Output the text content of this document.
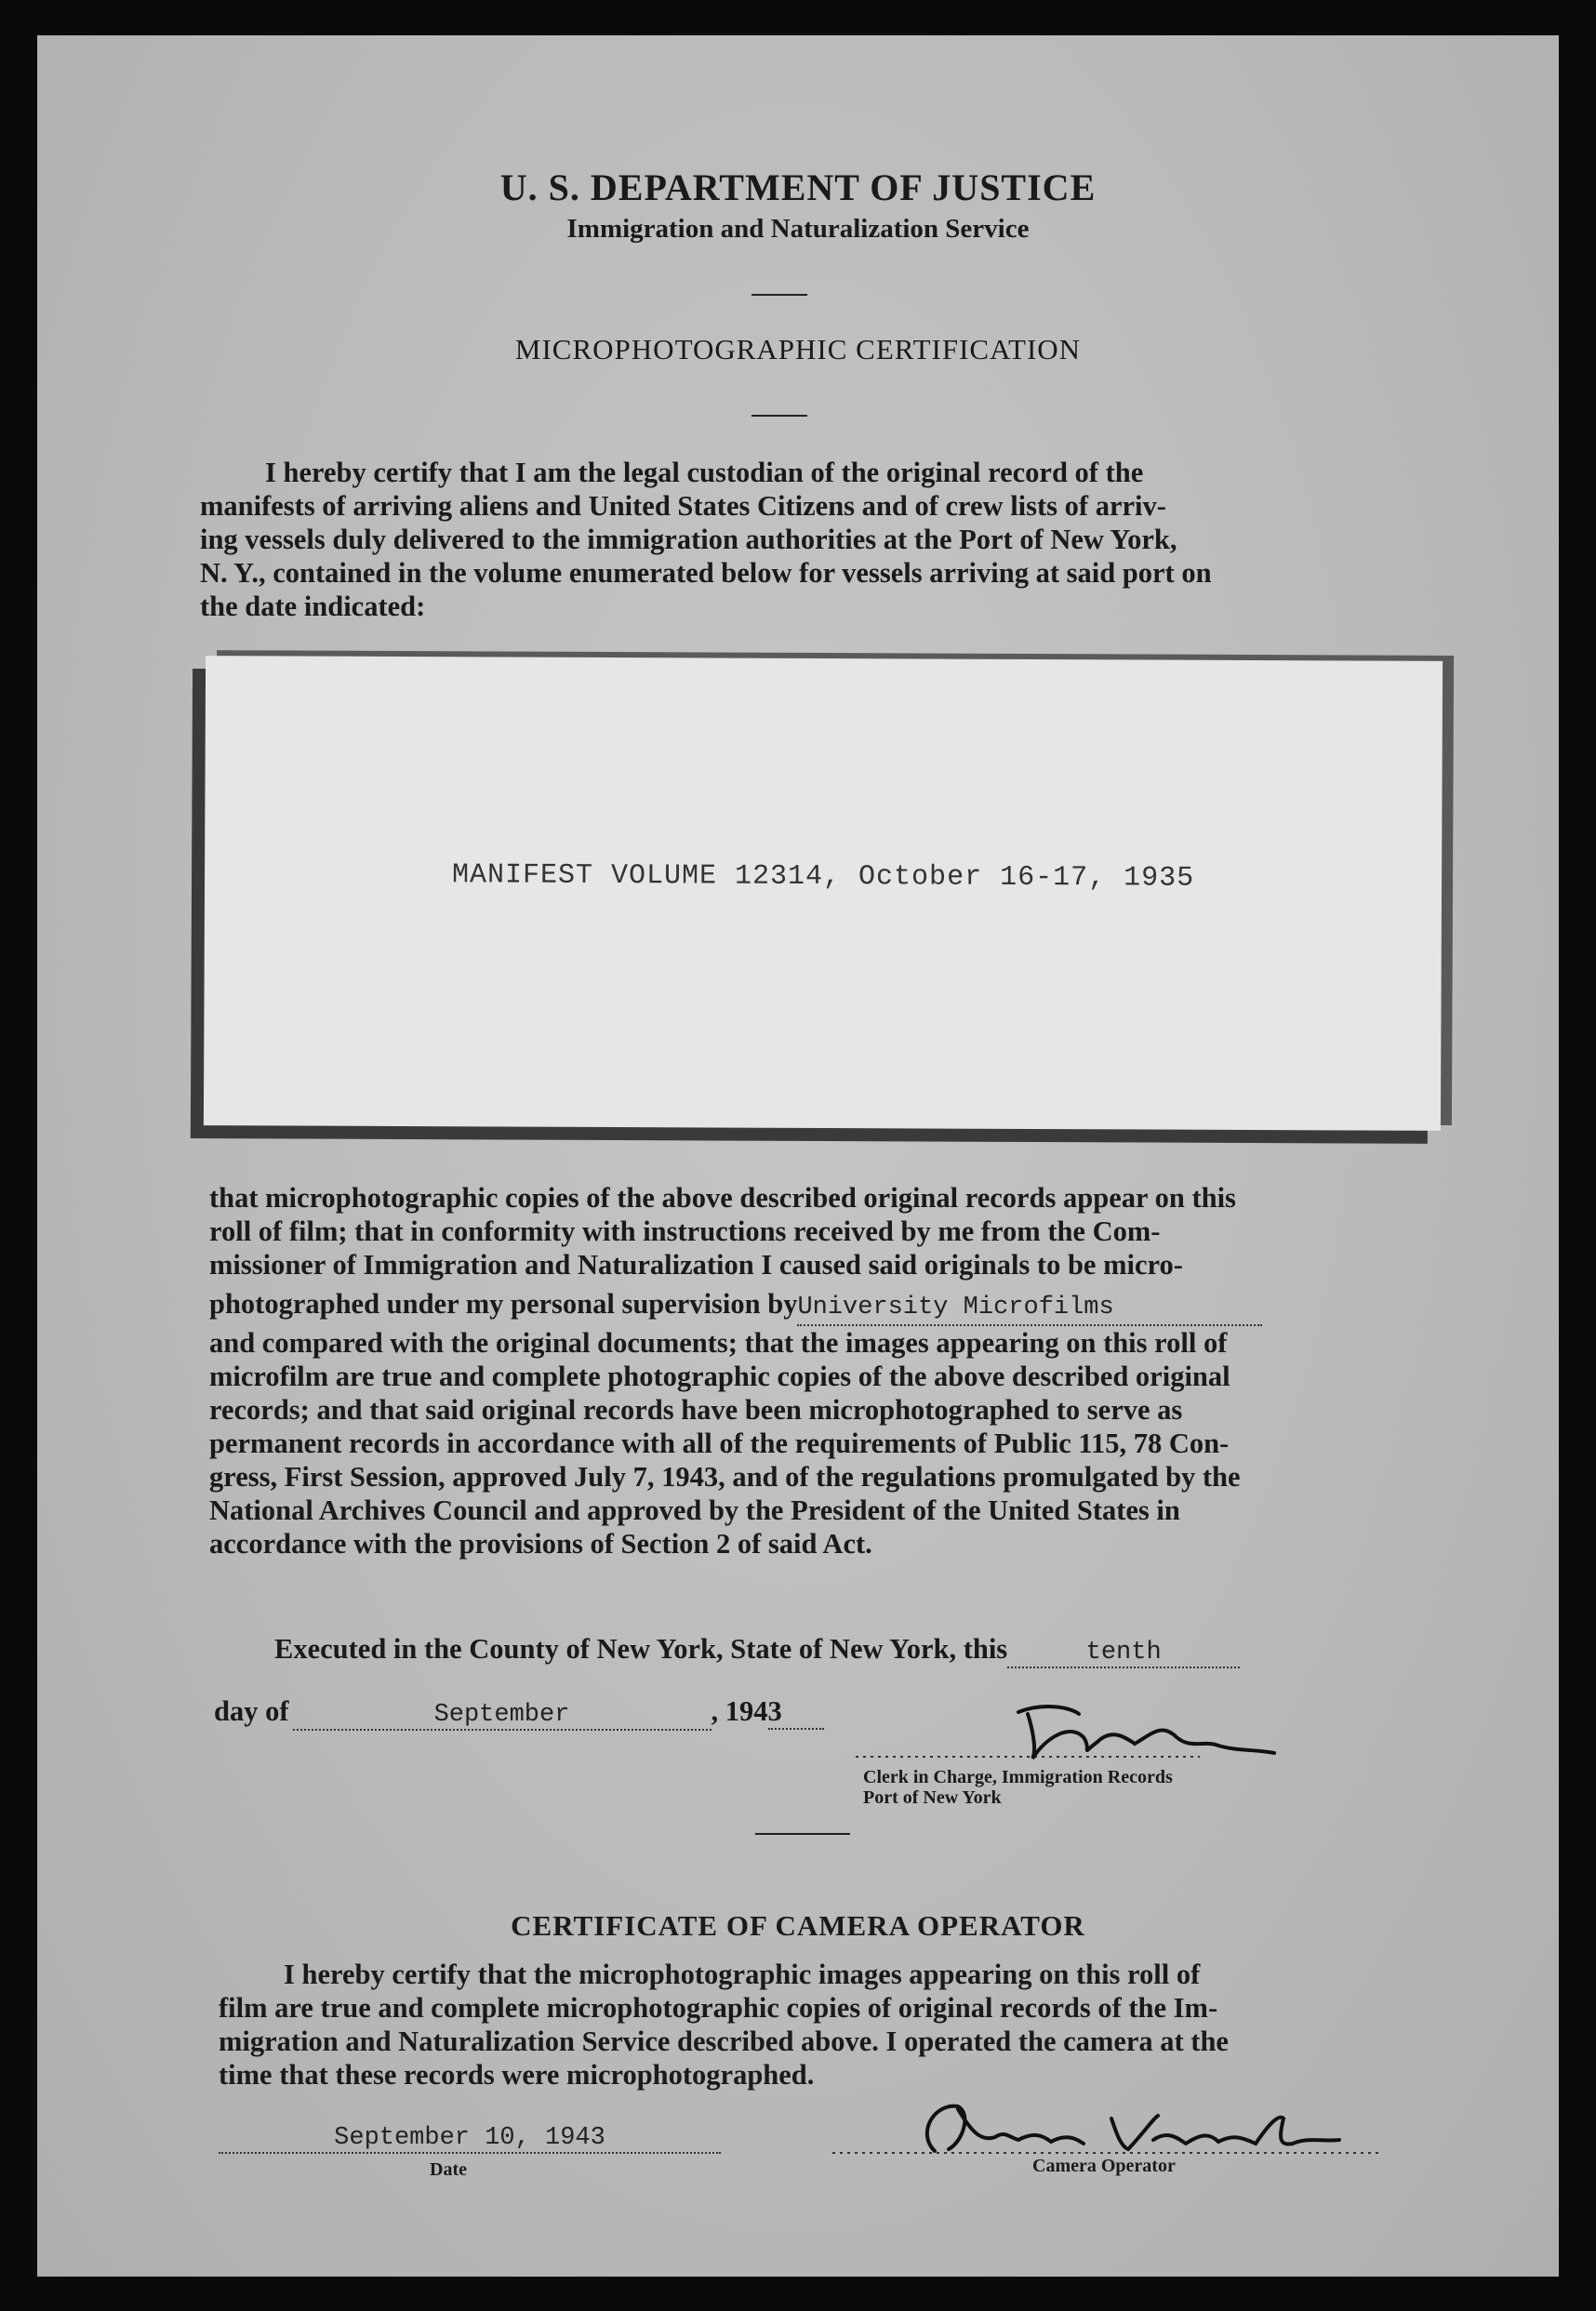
U. S. DEPARTMENT OF JUSTICE
Immigration and Naturalization Service
MICROPHOTOGRAPHIC CERTIFICATION

I hereby certify that I am the legal custodian of the original record of the

manifests of arriving aliens and United States Citizens and of crew lists of arriv-

ing vessels duly delivered to the immigration authorities at the Port of New York,

N. Y., contained in the volume enumerated below for vessels arriving at said port on

the date indicated:

MANIFEST VOLUME 12314, October 16-17, 1935

that microphotographic copies of the above described original records appear on this

roll of film; that in conformity with instructions received by me from the Com-

missioner of Immigration and Naturalization I caused said originals to be micro-

photographed under my personal supervision byUniversity Microfilms

and compared with the original documents; that the images appearing on this roll of

microfilm are true and complete photographic copies of the above described original

records; and that said original records have been microphotographed to serve as

permanent records in accordance with all of the requirements of Public 115, 78 Con-

gress, First Session, approved July 7, 1943, and of the regulations promulgated by the

National Archives Council and approved by the President of the United States in

accordance with the provisions of Section 2 of said Act.

Executed in the County of New York, State of New York, this	tenth
day of	September	, 1943
Clerk in Charge, Immigration Records
Port of New York
CERTIFICATE OF CAMERA OPERATOR

I hereby certify that the microphotographic images appearing on this roll of

film are true and complete microphotographic copies of original records of the Im-

migration and Naturalization Service described above. I operated the camera at the

time that these records were microphotographed.

September 10, 1943
Date	Camera Operator
